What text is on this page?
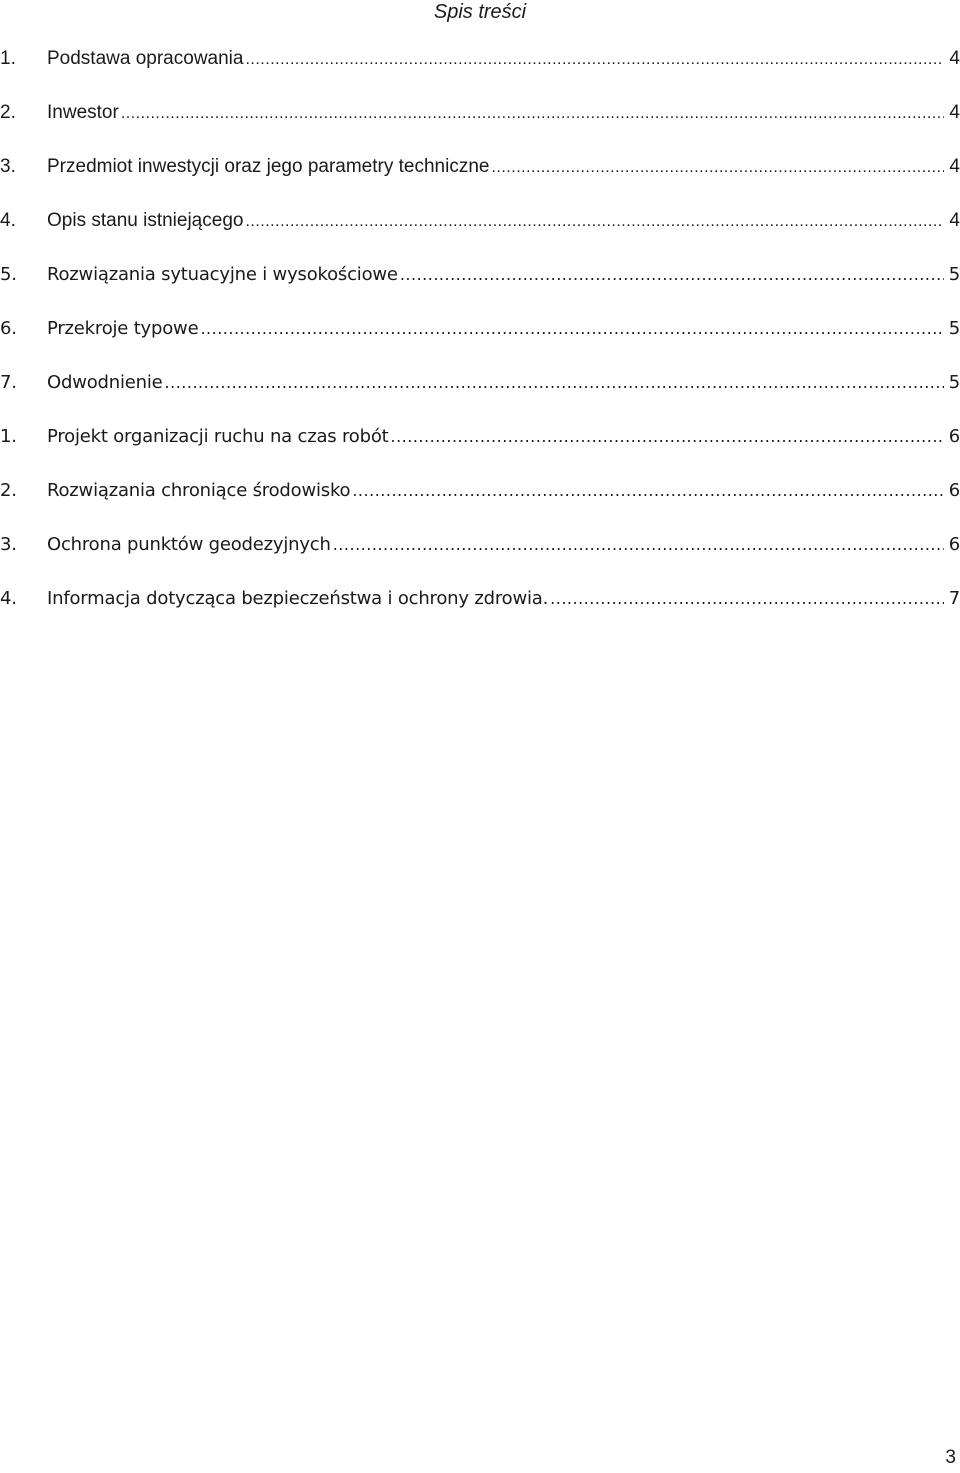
Spis treści
1.	Podstawa opracowania .....	4
2.	Inwestor .....	4
3.	Przedmiot inwestycji oraz jego parametry techniczne .....	4
4.	Opis stanu istniejącego .....	4
5.	Rozwiązania sytuacyjne i wysokościowe .....	5
6.	Przekroje typowe .....	5
7.	Odwodnienie .....	5
1.	Projekt organizacji ruchu na czas robót .....	6
2.	Rozwiązania chroniące środowisko .....	6
3.	Ochrona punktów geodezyjnych .....	6
4.	Informacja dotycząca bezpieczeństwa i ochrony zdrowia. .....	7
3
